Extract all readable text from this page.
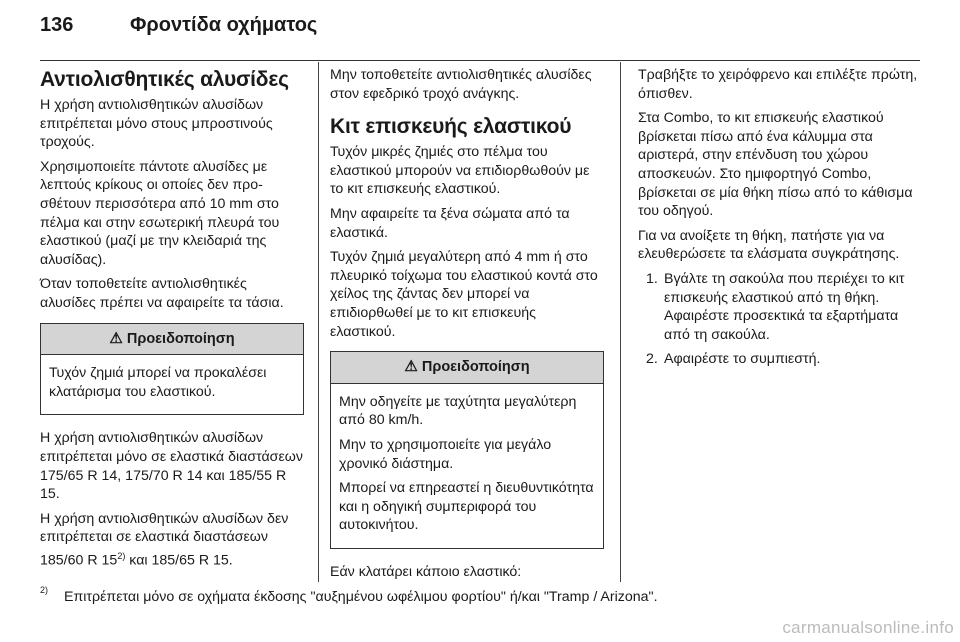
136	Φροντίδα οχήματος
Αντιολισθητικές αλυσίδες

Η χρήση αντιολισθητικών αλυσίδων επιτρέπεται μόνο στους μπροστινούς τροχούς.

Χρησιμοποιείτε πάντοτε αλυσίδες με λεπτούς κρίκους οι οποίες δεν προσθέτουν περισσότερα από 10 mm στο πέλμα και στην εσωτερική πλευρά του ελαστικού (μαζί με την κλειδαριά της αλυσίδας).

Όταν τοποθετείτε αντιολισθητικές αλυσίδες πρέπει να αφαιρείτε τα τάσια.

⚠ Προειδοποίηση

Τυχόν ζημιά μπορεί να προκαλέσει κλατάρισμα του ελαστικού.

Η χρήση αντιολισθητικών αλυσίδων επιτρέπεται μόνο σε ελαστικά διαστάσεων 175/65 R 14, 175/70 R 14 και 185/55 R 15.

Η χρήση αντιολισθητικών αλυσίδων δεν επιτρέπεται σε ελαστικά διαστάσεων 185/60 R 15$^{2)}$ και 185/65 R 15.

Μην τοποθετείτε αντιολισθητικές αλυσίδες στον εφεδρικό τροχό ανάγκης.

Κιτ επισκευής ελαστικού

Τυχόν μικρές ζημιές στο πέλμα του ελαστικού μπορούν να επιδιορθωθούν με το κιτ επισκευής ελαστικού.

Μην αφαιρείτε τα ξένα σώματα από τα ελαστικά.

Τυχόν ζημιά μεγαλύτερη από 4 mm ή στο πλευρικό τοίχωμα του ελαστικού κοντά στο χείλος της ζάντας δεν μπορεί να επιδιορθωθεί με το κιτ επισκευής ελαστικού.

⚠ Προειδοποίηση

Μην οδηγείτε με ταχύτητα μεγαλύτερη από 80 km/h.

Μην το χρησιμοποιείτε για μεγάλο χρονικό διάστημα.

Μπορεί να επηρεαστεί η διευθυντικότητα και η οδηγική συμπεριφορά του αυτοκινήτου.

Εάν κλατάρει κάποιο ελαστικό:

Τραβήξτε το χειρόφρενο και επιλέξτε πρώτη, όπισθεν.

Στα Combo, το κιτ επισκευής ελαστικού βρίσκεται πίσω από ένα κάλυμμα στα αριστερά, στην επένδυση του χώρου αποσκευών. Στο ημιφορτηγό Combo, βρίσκεται σε μία θήκη πίσω από το κάθισμα του οδηγού.

Για να ανοίξετε τη θήκη, πατήστε για να ελευθερώσετε τα ελάσματα συγκράτησης.

1. Βγάλτε τη σακούλα που περιέχει το κιτ επισκευής ελαστικού από τη θήκη. Αφαιρέστε προσεκτικά τα εξαρτήματα από τη σακούλα.
2. Αφαιρέστε το συμπιεστή.
2) Επιτρέπεται μόνο σε οχήματα έκδοσης "αυξημένου ωφέλιμου φορτίου" ή/και "Tramp / Arizona".
carmanualsonline.info
